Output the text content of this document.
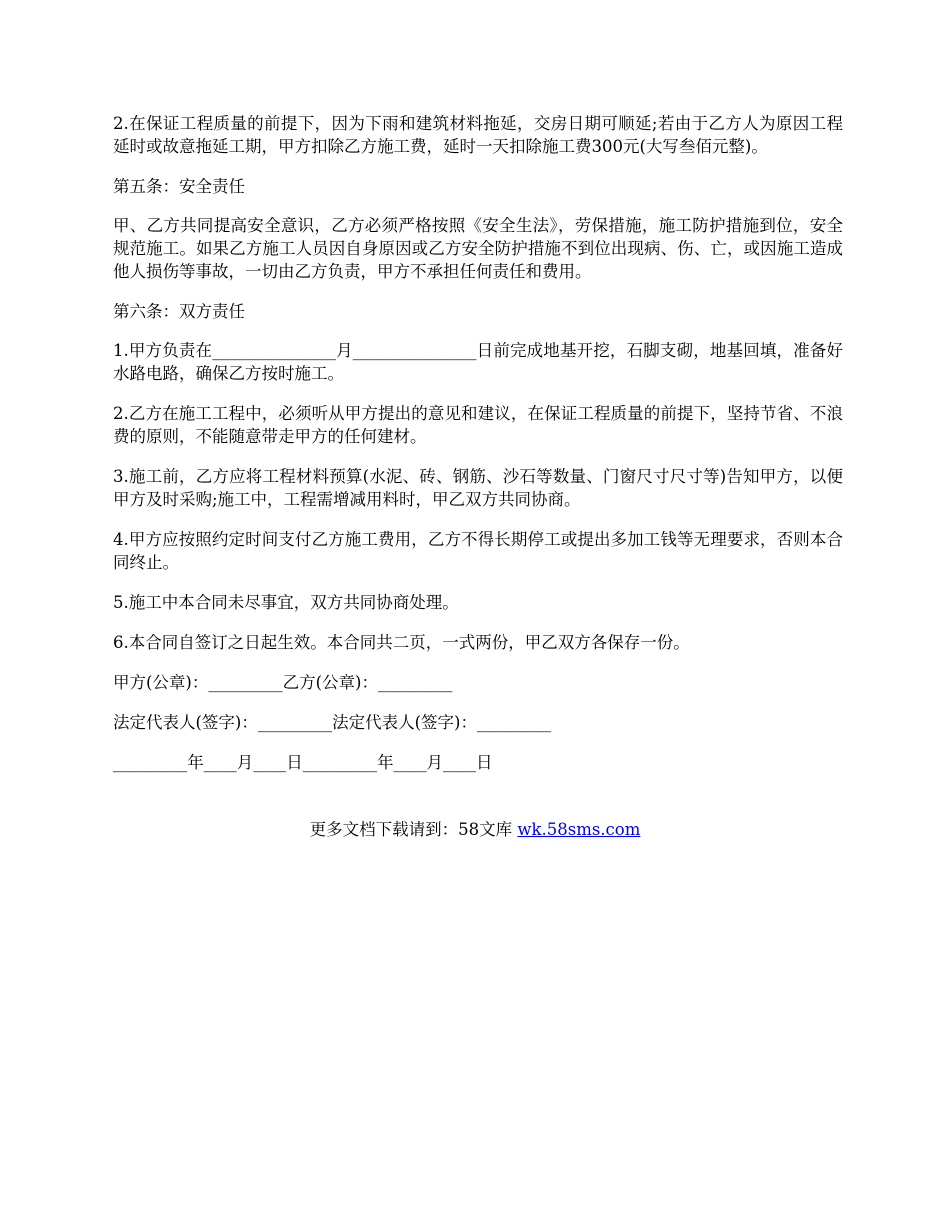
2.在保证工程质量的前提下，因为下雨和建筑材料拖延，交房日期可顺延;若由于乙方人为原因工程延时或故意拖延工期，甲方扣除乙方施工费，延时一天扣除施工费300元(大写叁佰元整)。

第五条：安全责任

甲、乙方共同提高安全意识，乙方必须严格按照《安全生法》，劳保措施，施工防护措施到位，安全规范施工。如果乙方施工人员因自身原因或乙方安全防护措施不到位出现病、伤、亡，或因施工造成他人损伤等事故，一切由乙方负责，甲方不承担任何责任和费用。

第六条：双方责任

1.甲方负责在_______________月_______________日前完成地基开挖，石脚支砌，地基回填，准备好水路电路，确保乙方按时施工。

2.乙方在施工工程中，必须听从甲方提出的意见和建议，在保证工程质量的前提下，坚持节省、不浪费的原则，不能随意带走甲方的任何建材。

3.施工前，乙方应将工程材料预算(水泥、砖、钢筋、沙石等数量、门窗尺寸尺寸等)告知甲方，以便甲方及时采购;施工中，工程需增减用料时，甲乙双方共同协商。

4.甲方应按照约定时间支付乙方施工费用，乙方不得长期停工或提出多加工钱等无理要求，否则本合同终止。

5.施工中本合同未尽事宜，双方共同协商处理。

6.本合同自签订之日起生效。本合同共二页，一式两份，甲乙双方各保存一份。

甲方(公章)：_________乙方(公章)：_________
法定代表人(签字)：_________法定代表人(签字)：_________
_________年____月____日_________年____月____日
更多文档下载请到：58文库 wk.58sms.com
